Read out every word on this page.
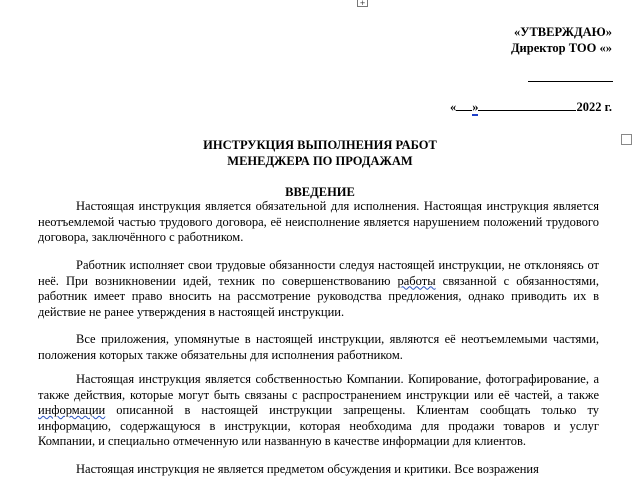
+
«УТВЕРЖДАЮ»
Директор ТОО «»
« »	2022 г.
ИНСТРУКЦИЯ ВЫПОЛНЕНИЯ РАБОТ
МЕНЕДЖЕРА ПО ПРОДАЖАМ
ВВЕДЕНИЕ

Настоящая инструкция является обязательной для исполнения. Настоящая инструкция является неотъемлемой частью трудового договора, её неисполнение является нарушением положений трудового договора, заключённого с работником.

Работник исполняет свои трудовые обязанности следуя настоящей инструкции, не отклоняясь от неё. При возникновении идей, техник по совершенствованию работы связанной с обязанностями, работник имеет право вносить на рассмотрение руководства предложения, однако приводить их в действие не ранее утверждения в настоящей инструкции.

Все приложения, упомянутые в настоящей инструкции, являются её неотъемлемыми частями, положения которых также обязательны для исполнения работником.

Настоящая инструкция является собственностью Компании. Копирование, фотографирование, а также действия, которые могут быть связаны с распространением инструкции или её частей, а также информации описанной в настоящей инструкции запрещены. Клиентам сообщать только ту информацию, содержащуюся в инструкции, которая необходима для продажи товаров и услуг Компании, и специально отмеченную или названную в качестве информации для клиентов.

Настоящая инструкция не является предметом обсуждения и критики. Все возражения
